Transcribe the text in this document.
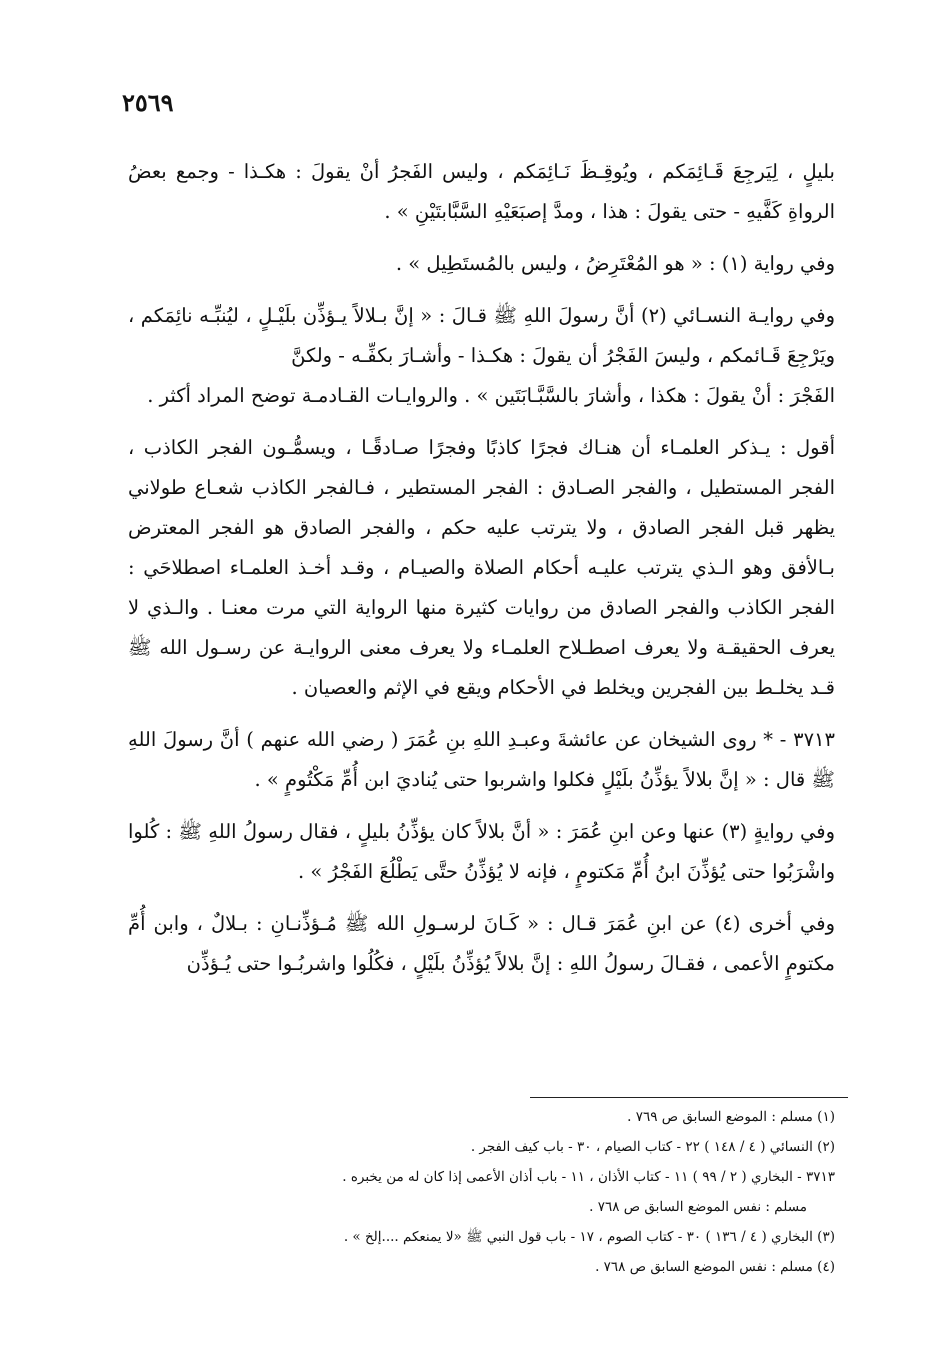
٢٥٦٩

بليلٍ ، لِيَرجِعَ قَـائِمَكم ، ويُوقِـظَ نَـائِمَكم ، وليس الفَجرُ أنْ يقولَ : هكـذا - وجمع بعضُ الرواةِ كَفَّيهِ - حتى يقولَ : هذا ، ومدَّ إصبَعَيْهِ السَّبَّابتَيْنِ » .

وفي رواية (١) : « هو المُعْتَرِضُ ، وليس بالمُستَطِيل » .

وفي روايـة النسـائي (٢) أنَّ رسولَ اللهِ ﷺ قـالَ : « إنَّ بـلالاً يـؤذِّن بلَيْـلٍ ، ليُنبِّـه نائِمَكم ، ويَرْجِعَ قَـائمكم ، وليسَ الفَجْرُ أن يقولَ : هكـذا - وأشـارَ بكفِّـه - ولكنَّ

الفَجْرَ : أنْ يقولَ : هكذا ، وأشارَ بالسَّبَّـابَتَين » . والروايـات القـادمـة توضح المراد أكثر .

أقول : يـذكر العلمـاء أن هنـاك فجرًا كاذبًا وفجرًا صـادقًـا ، ويسمُّـون الفجر الكاذب ، الفجر المستطيل ، والفجر الصـادق : الفجر المستطير ، فـالفجر الكاذب شعـاع طولاني يظهر قبل الفجر الصادق ، ولا يترتب عليه حكم ، والفجر الصادق هو الفجر المعترض بـالأفق وهو الـذي يترتب عليـه أحكام الصلاة والصيـام ، وقـد أخـذ العلمـاء اصطلاحَي : الفجر الكاذب والفجر الصادق من روايات كثيرة منها الرواية التي مرت معنـا . والـذي لا يعرف الحقيقـة ولا يعرف اصطـلاح العلمـاء ولا يعرف معنى الروايـة عن رسـول الله ﷺ قـد يخلـط بين الفجرين ويخلط في الأحكام ويقع في الإثم والعصيان .

٣٧١٣ - * روى الشيخان عن عائشةَ وعبـدِ اللهِ بنِ عُمَرَ ( رضي الله عنهم ) أنَّ رسولَ اللهِ ﷺ قال : « إنَّ بلالاً يؤذِّنُ بلَيْلٍ فكلوا واشربوا حتى يُناديَ ابن أُمِّ مَكْتُومٍ » .

وفي روايةٍ (٣) عنها وعن ابنِ عُمَرَ : « أنَّ بلالاً كان يؤذِّنُ بليلٍ ، فقال رسولُ اللهِ ﷺ : كُلوا واشْرَبُوا حتى يُؤذِّنَ ابنُ أُمِّ مَكتومٍ ، فإنه لا يُؤذِّنُ حتَّى يَطْلُعَ الفَجْرُ » .

وفي أخرى (٤) عن ابنِ عُمَرَ قـال : « كَـانَ لرسـولِ الله ﷺ مُـؤذِّنـانِ : بـلالٌ ، وابن أُمِّ مكتومٍ الأعمى ، فقـالَ رسولُ اللهِ : إنَّ بلالاً يُؤذِّنُ بلَيْلٍ ، فكُلُوا واشربُـوا حتى يُـؤذِّن

(١) مسلم : الموضع السابق ص ٧٦٩ .

(٢) النسائي ( ٤ / ١٤٨ ) ٢٢ - كتاب الصيام ، ٣٠ - باب كيف الفجر .

٣٧١٣ - البخاري ( ٢ / ٩٩ ) ١١ - كتاب الأذان ، ١١ - باب أذان الأعمى إذا كان له من يخبره .

مسلم : نفس الموضع السابق ص ٧٦٨ .

(٣) البخاري ( ٤ / ١٣٦ ) ٣٠ - كتاب الصوم ، ١٧ - باب قول النبي ﷺ «لا يمنعكم ....إلخ » .

(٤) مسلم : نفس الموضع السابق ص ٧٦٨ .
